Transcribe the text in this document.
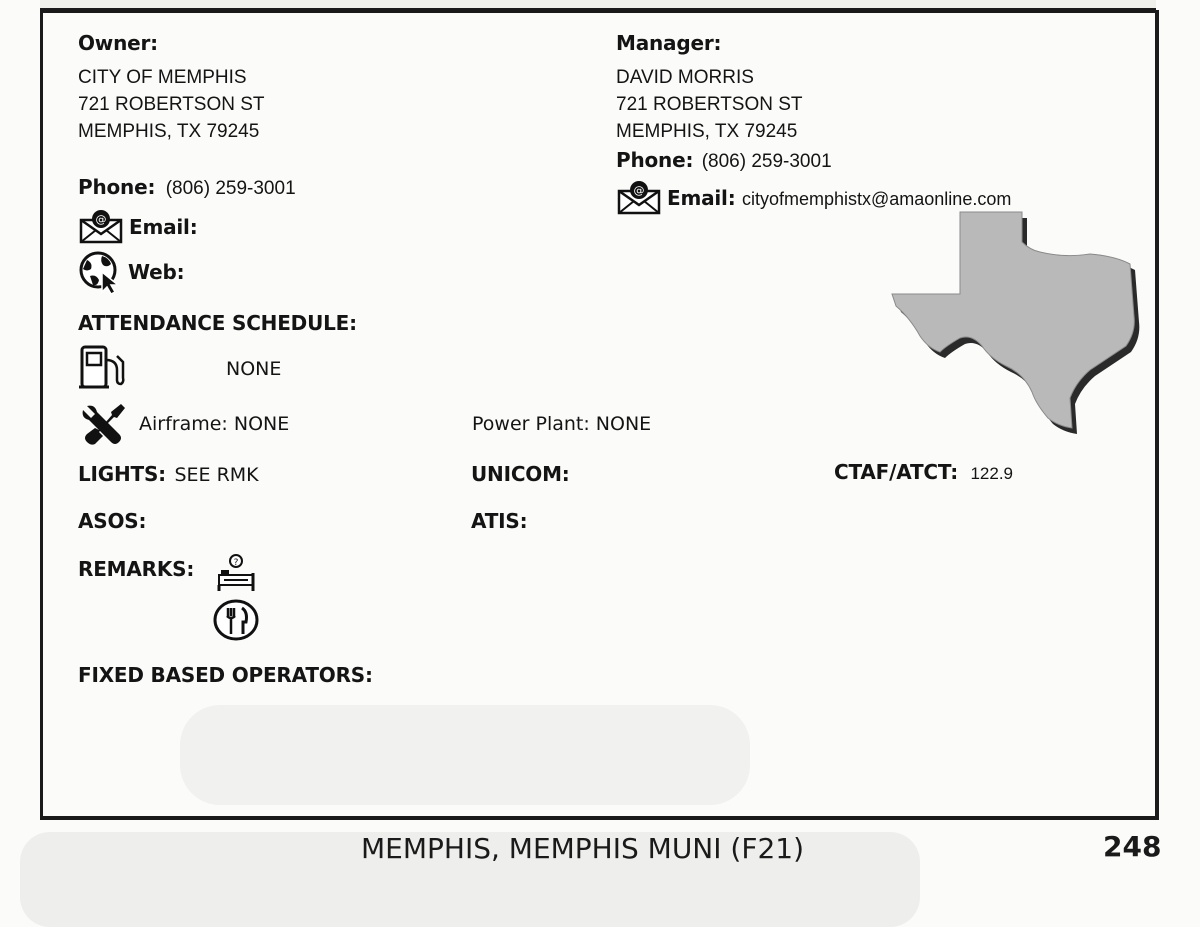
Owner:
CITY OF MEMPHIS
721 ROBERTSON ST
MEMPHIS, TX 79245
Phone: (806) 259-3001
@ Email:
Web:
Manager:
DAVID MORRIS
721 ROBERTSON ST
MEMPHIS, TX 79245
Phone: (806) 259-3001
@ Email: cityofmemphistx@amaonline.com
ATTENDANCE SCHEDULE:
NONE
Airframe: NONE	Power Plant: NONE
LIGHTS: SEE RMK	UNICOM:	CTAF/ATCT: 122.9
ASOS:	ATIS:
REMARKS:	?
FIXED BASED OPERATORS:
MEMPHIS, MEMPHIS MUNI (F21)	248
